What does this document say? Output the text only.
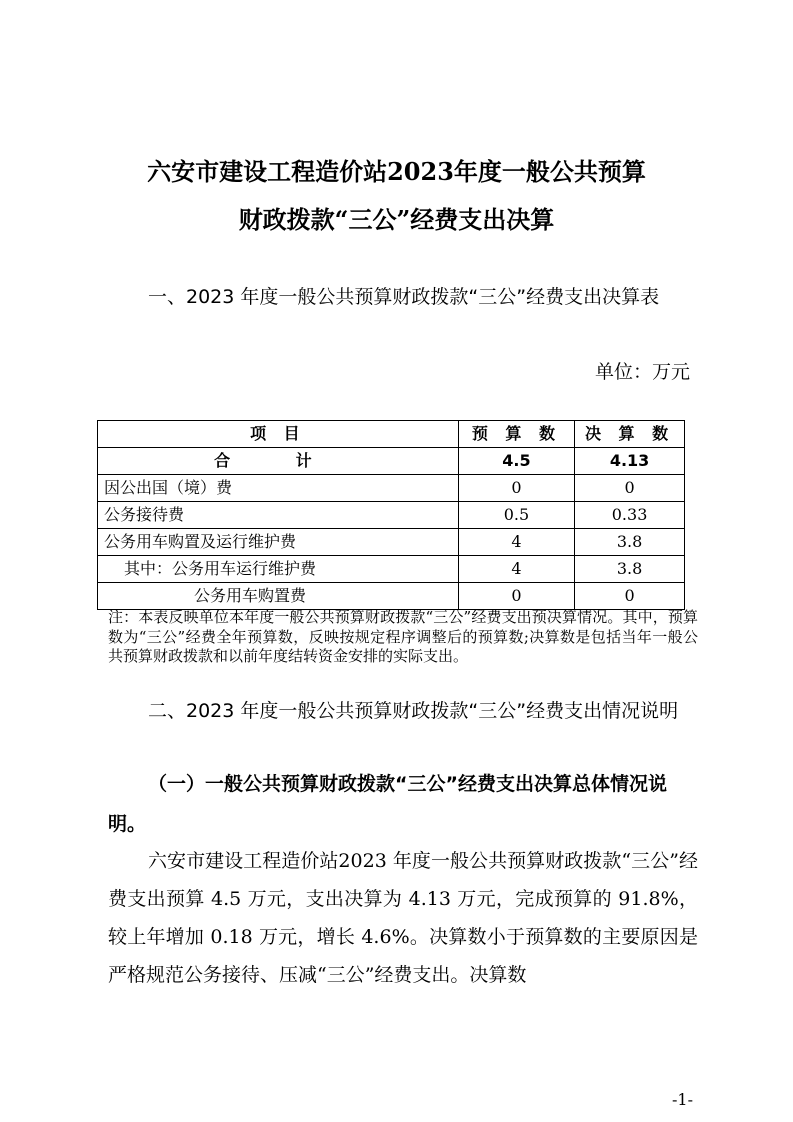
六安市建设工程造价站2023年度一般公共预算
财政拨款“三公”经费支出决算
一、2023 年度一般公共预算财政拨款“三公”经费支出决算表
单位：万元
项 目	预 算 数	决 算 数
合 计	4.5	4.13
因公出国（境）费	0	0
公务接待费	0.5	0.33
公务用车购置及运行维护费	4	3.8
其中：公务用车运行维护费	4	3.8
公务用车购置费	0	0
注：本表反映单位本年度一般公共预算财政拨款“三公”经费支出预决算情况。其中，预算数为“三公”经费全年预算数，反映按规定程序调整后的预算数;决算数是包括当年一般公共预算财政拨款和以前年度结转资金安排的实际支出。
二、2023 年度一般公共预算财政拨款“三公”经费支出情况说明
（一）一般公共预算财政拨款“三公”经费支出决算总体情况说明。
六安市建设工程造价站2023 年度一般公共预算财政拨款“三公”经费支出预算 4.5 万元，支出决算为 4.13 万元，完成预算的 91.8%，较上年增加 0.18 万元，增长 4.6%。决算数小于预算数的主要原因是严格规范公务接待、压减“三公”经费支出。决算数
-1-
